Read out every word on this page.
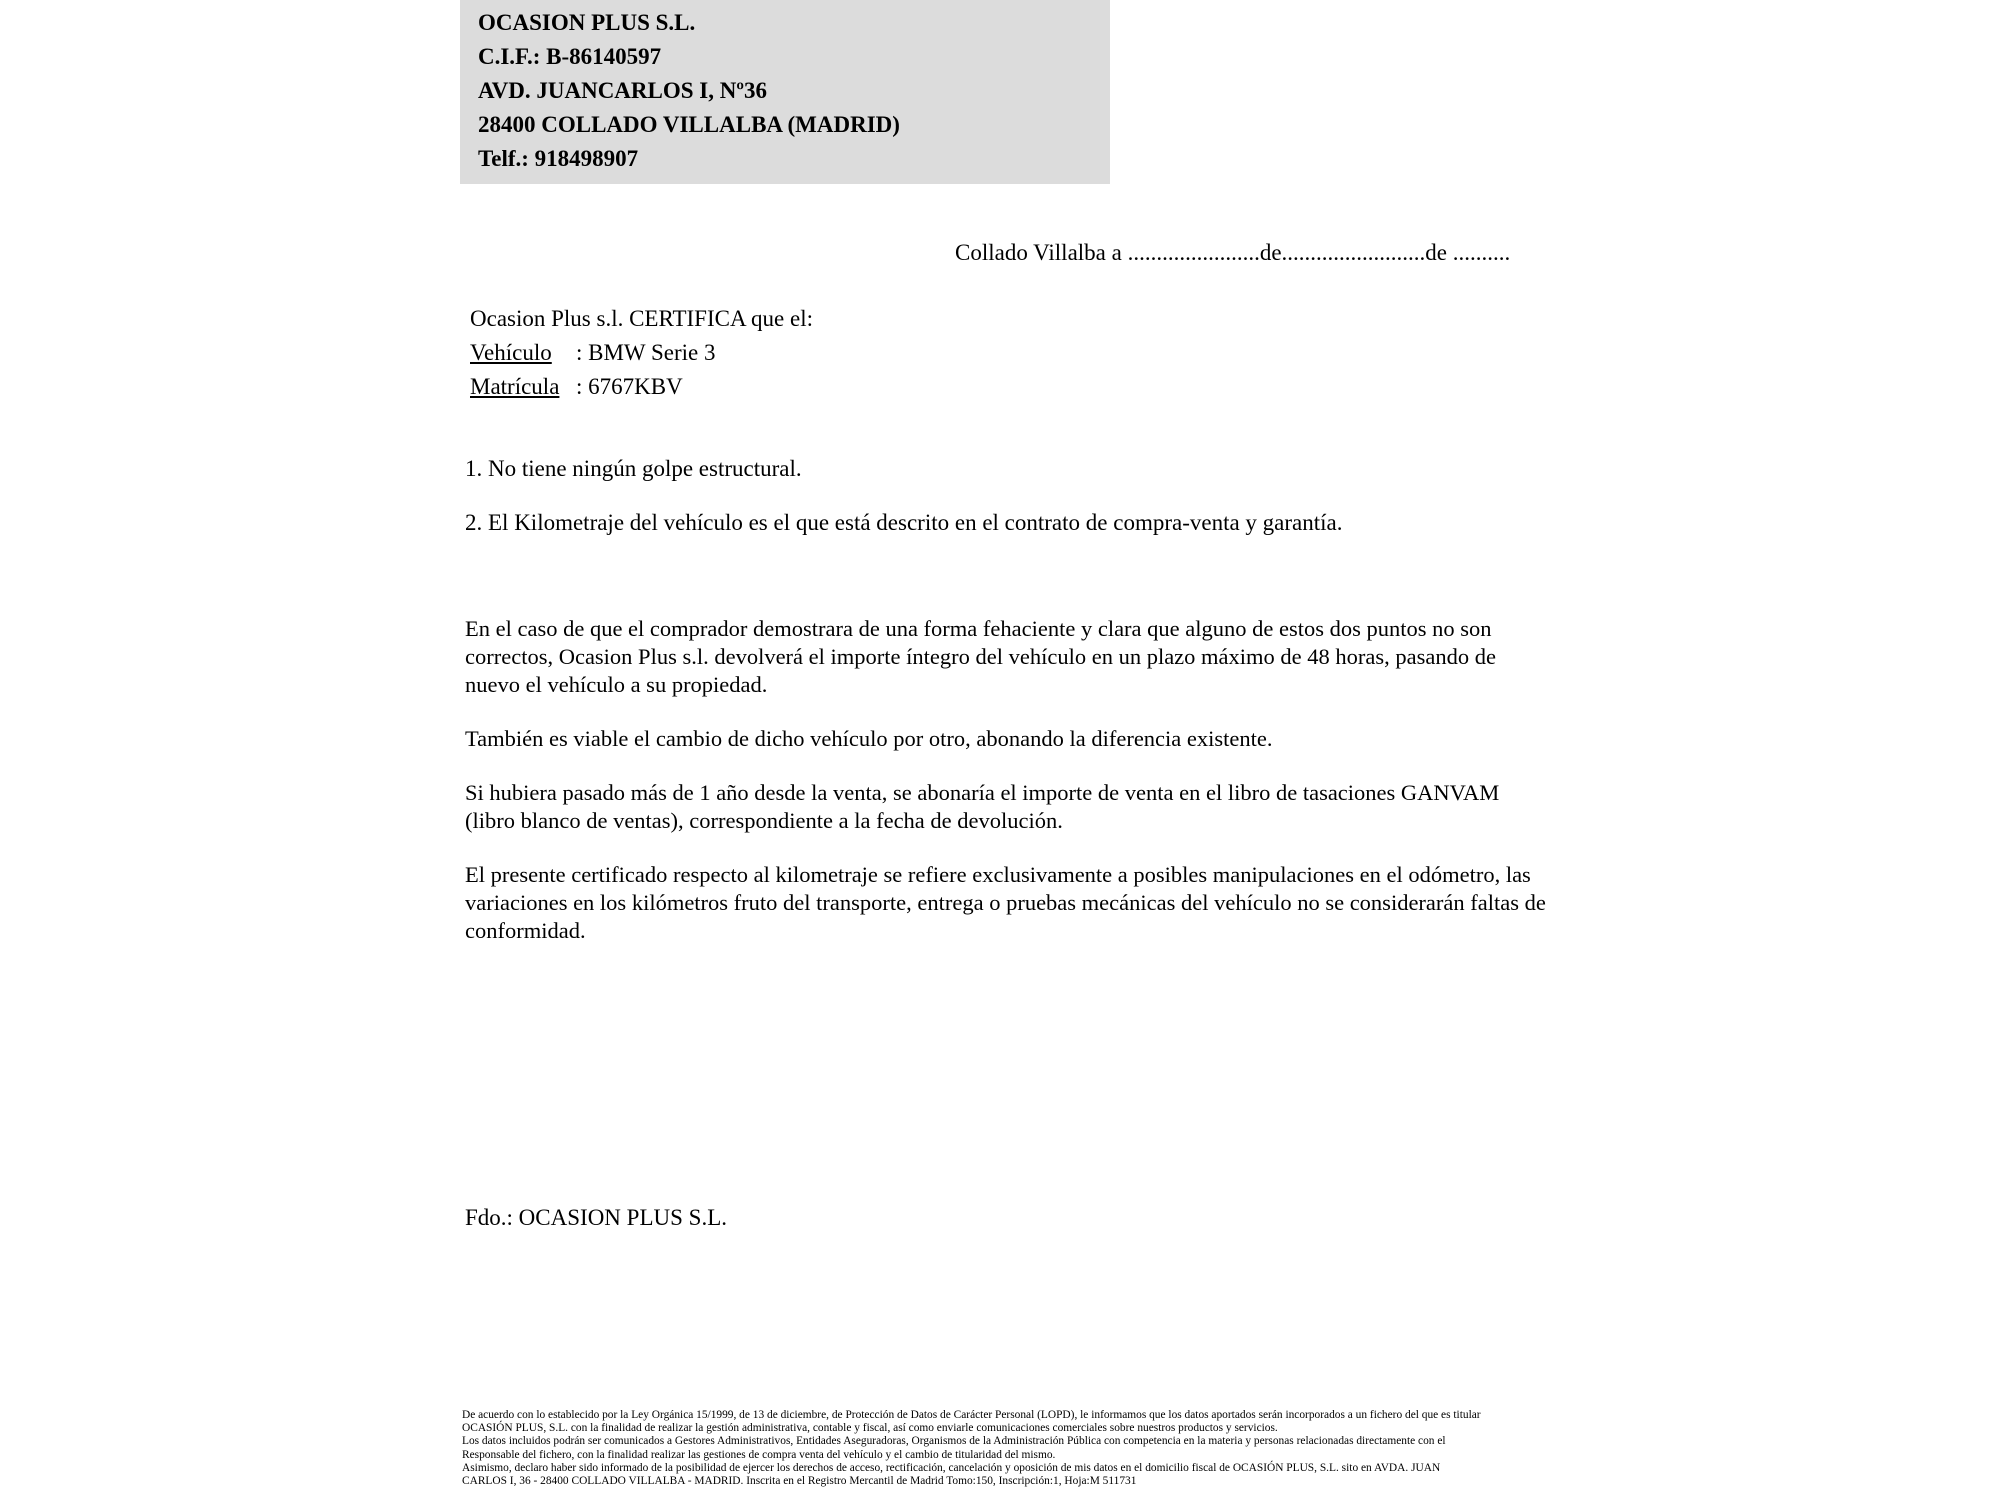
OCASION PLUS S.L.
C.I.F.: B-86140597
AVD. JUANCARLOS I, Nº36
28400 COLLADO VILLALBA (MADRID)
Telf.: 918498907
Collado Villalba a .......................de.........................de ..........
Ocasion Plus s.l. CERTIFICA que el:
Vehículo : BMW Serie 3
Matrícula : 6767KBV
1. No tiene ningún golpe estructural.
2. El Kilometraje del vehículo es el que está descrito en el contrato de compra-venta y garantía.

En el caso de que el comprador demostrara de una forma fehaciente y clara que alguno de estos dos puntos no son correctos, Ocasion Plus s.l. devolverá el importe íntegro del vehículo en un plazo máximo de 48 horas, pasando de nuevo el vehículo a su propiedad.

También es viable el cambio de dicho vehículo por otro, abonando la diferencia existente.

Si hubiera pasado más de 1 año desde la venta, se abonaría el importe de venta en el libro de tasaciones GANVAM (libro blanco de ventas), correspondiente a la fecha de devolución.

El presente certificado respecto al kilometraje se refiere exclusivamente a posibles manipulaciones en el odómetro, las variaciones en los kilómetros fruto del transporte, entrega o pruebas mecánicas del vehículo no se considerarán faltas de conformidad.

Fdo.: OCASION PLUS S.L.
De acuerdo con lo establecido por la Ley Orgánica 15/1999, de 13 de diciembre, de Protección de Datos de Carácter Personal (LOPD), le informamos que los datos aportados serán incorporados a un fichero del que es titular
OCASIÓN PLUS, S.L. con la finalidad de realizar la gestión administrativa, contable y fiscal, así como enviarle comunicaciones comerciales sobre nuestros productos y servicios.
Los datos incluidos podrán ser comunicados a Gestores Administrativos, Entidades Aseguradoras, Organismos de la Administración Pública con competencia en la materia y personas relacionadas directamente con el
Responsable del fichero, con la finalidad realizar las gestiones de compra venta del vehículo y el cambio de titularidad del mismo.
Asimismo, declaro haber sido informado de la posibilidad de ejercer los derechos de acceso, rectificación, cancelación y oposición de mis datos en el domicilio fiscal de OCASIÓN PLUS, S.L. sito en AVDA. JUAN
CARLOS I, 36 - 28400 COLLADO VILLALBA - MADRID. Inscrita en el Registro Mercantil de Madrid Tomo:150, Inscripción:1, Hoja:M 511731
